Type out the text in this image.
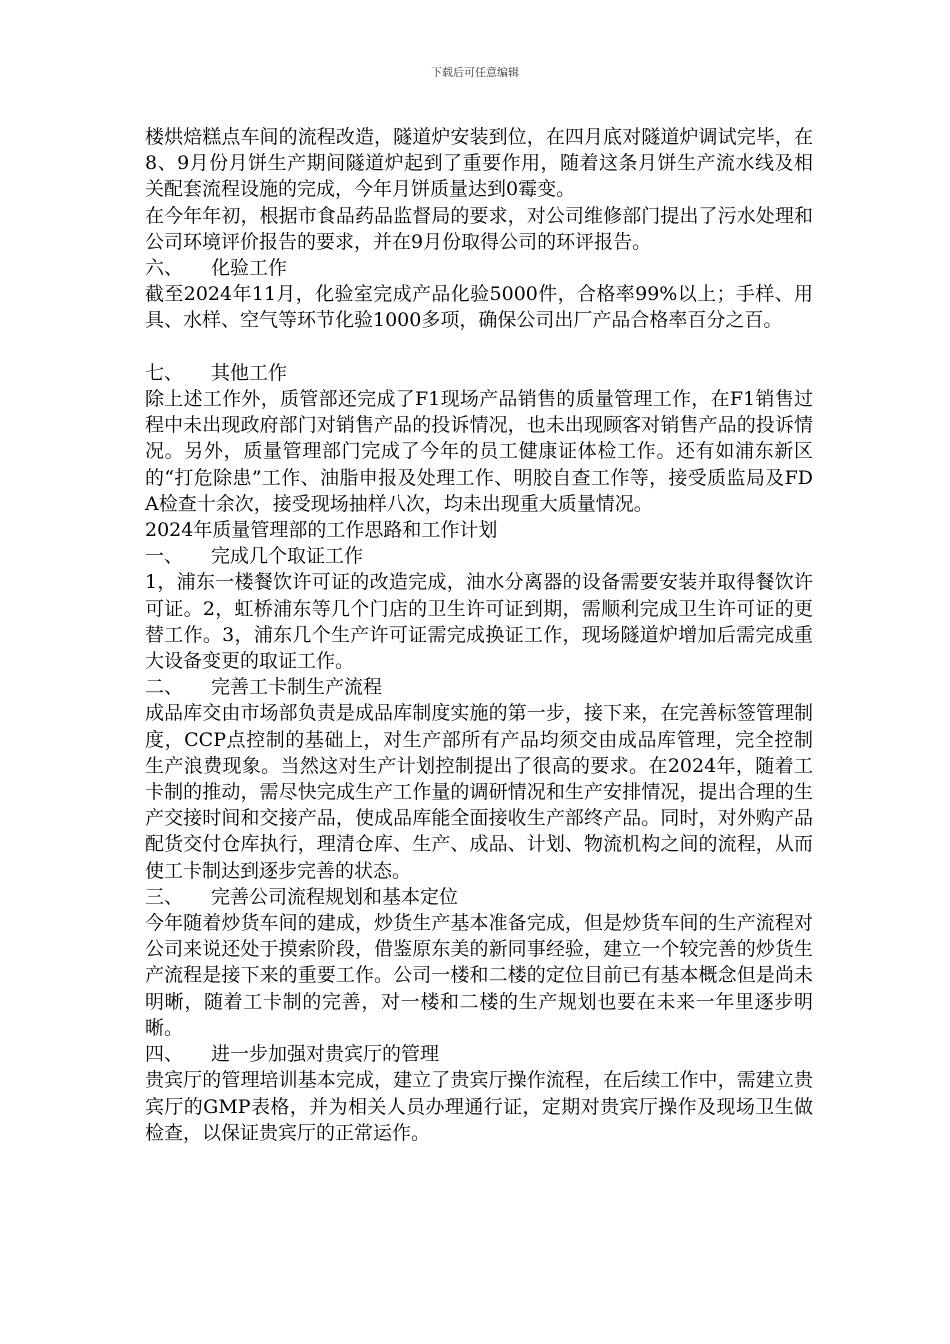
下载后可任意编辑

楼烘焙糕点车间的流程改造，隧道炉安装到位，在四月底对隧道炉调试完毕，在8、9月份月饼生产期间隧道炉起到了重要作用，随着这条月饼生产流水线及相关配套流程设施的完成，今年月饼质量达到0霉变。

在今年年初，根据市食品药品监督局的要求，对公司维修部门提出了污水处理和公司环境评价报告的要求，并在9月份取得公司的环评报告。

六、 化验工作

截至2024年11月，化验室完成产品化验5000件，合格率99%以上；手样、用具、水样、空气等环节化验1000多项，确保公司出厂产品合格率百分之百。

七、 其他工作

除上述工作外，质管部还完成了F1现场产品销售的质量管理工作，在F1销售过程中未出现政府部门对销售产品的投诉情况，也未出现顾客对销售产品的投诉情况。另外，质量管理部门完成了今年的员工健康证体检工作。还有如浦东新区的“打危除患”工作、油脂申报及处理工作、明胶自查工作等，接受质监局及FDA检查十余次，接受现场抽样八次，均未出现重大质量情况。

2024年质量管理部的工作思路和工作计划

一、 完成几个取证工作

1，浦东一楼餐饮许可证的改造完成，油水分离器的设备需要安装并取得餐饮许可证。2，虹桥浦东等几个门店的卫生许可证到期，需顺利完成卫生许可证的更替工作。3，浦东几个生产许可证需完成换证工作，现场隧道炉增加后需完成重大设备变更的取证工作。

二、 完善工卡制生产流程

成品库交由市场部负责是成品库制度实施的第一步，接下来，在完善标签管理制度，CCP点控制的基础上，对生产部所有产品均须交由成品库管理，完全控制生产浪费现象。当然这对生产计划控制提出了很高的要求。在2024年，随着工卡制的推动，需尽快完成生产工作量的调研情况和生产安排情况，提出合理的生产交接时间和交接产品，使成品库能全面接收生产部终产品。同时，对外购产品配货交付仓库执行，理清仓库、生产、成品、计划、物流机构之间的流程，从而使工卡制达到逐步完善的状态。

三、 完善公司流程规划和基本定位

今年随着炒货车间的建成，炒货生产基本准备完成，但是炒货车间的生产流程对公司来说还处于摸索阶段，借鉴原东美的新同事经验，建立一个较完善的炒货生产流程是接下来的重要工作。公司一楼和二楼的定位目前已有基本概念但是尚未明晰，随着工卡制的完善，对一楼和二楼的生产规划也要在未来一年里逐步明晰。

四、 进一步加强对贵宾厅的管理

贵宾厅的管理培训基本完成，建立了贵宾厅操作流程，在后续工作中，需建立贵宾厅的GMP表格，并为相关人员办理通行证，定期对贵宾厅操作及现场卫生做检查，以保证贵宾厅的正常运作。
